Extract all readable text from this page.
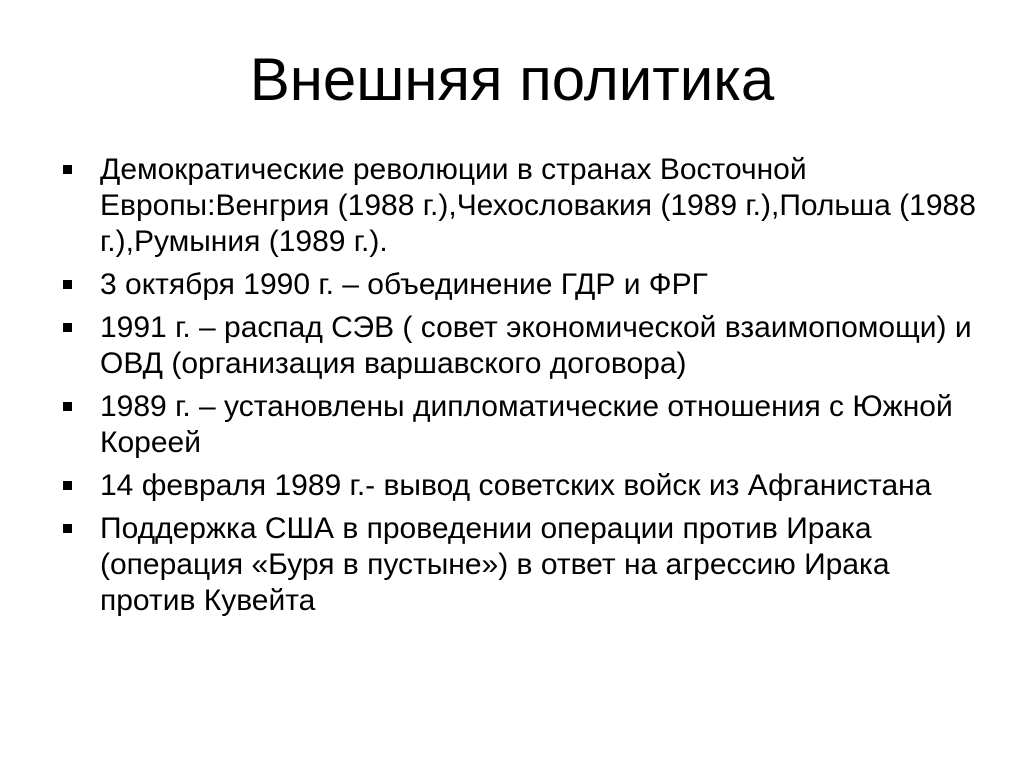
Внешняя политика
Демократические революции в странах Восточной Европы:Венгрия (1988 г.),Чехословакия (1989 г.),Польша (1988 г.),Румыния (1989 г.).
3 октября 1990 г. – объединение ГДР и ФРГ
1991 г. – распад СЭВ ( совет экономической взаимопомощи) и ОВД (организация варшавского договора)
1989 г. – установлены дипломатические отношения с Южной Кореей
14 февраля 1989 г.- вывод советских войск из Афганистана
Поддержка США в проведении операции против Ирака (операция «Буря в пустыне») в ответ на агрессию Ирака против Кувейта
